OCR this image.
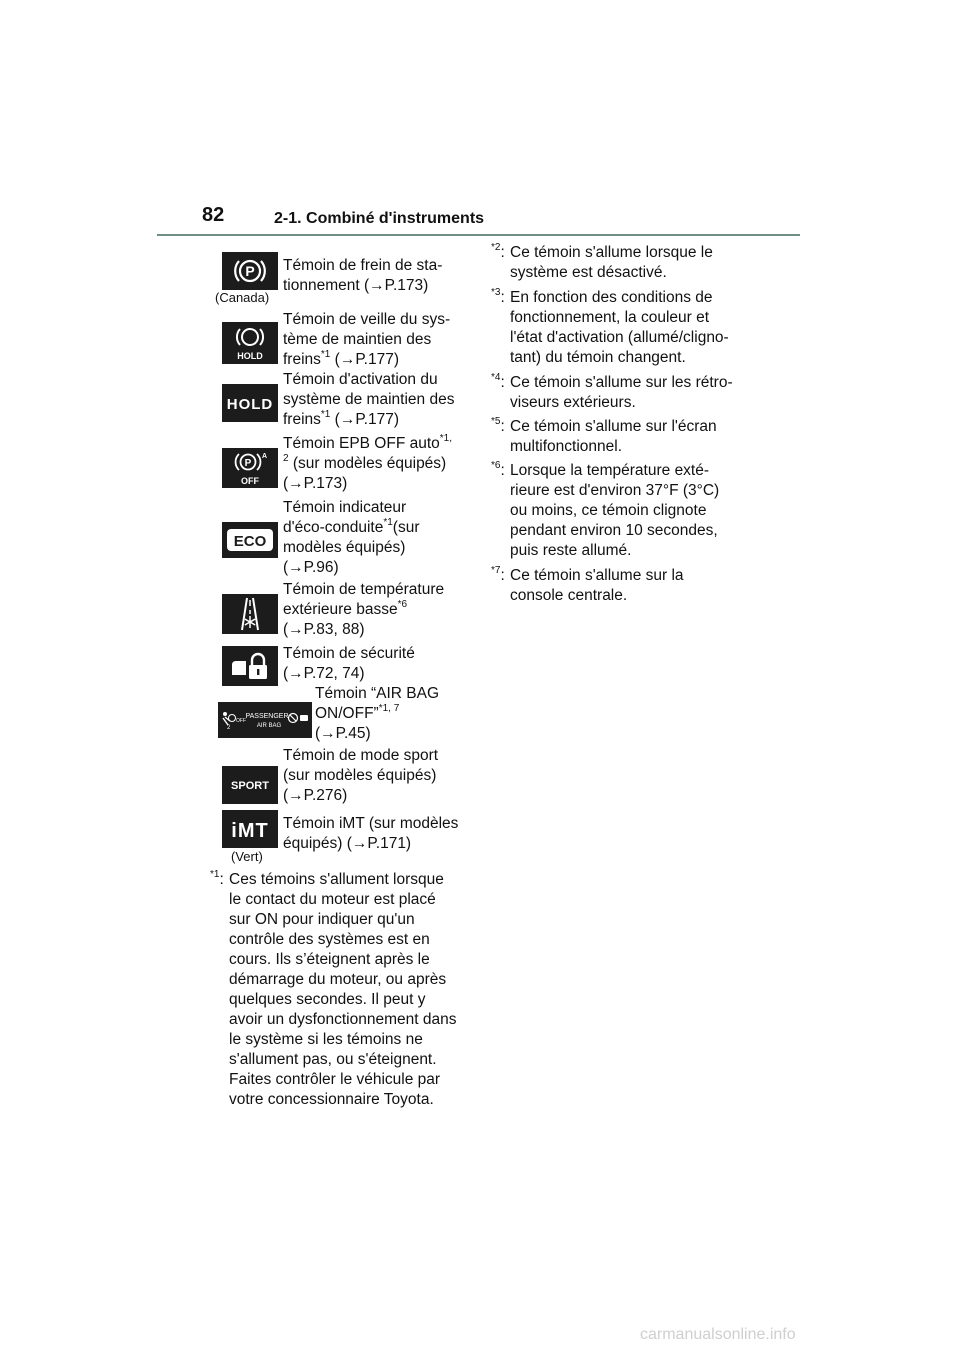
82	2-1. Combiné d'instruments
P
(Canada)
Témoin de frein de sta-
tionnement (→P.173)
HOLD
Témoin de veille du sys-
tème de maintien des
freins$^{*1}$ (→P.177)
HOLD
Témoin d'activation du
système de maintien des
freins$^{*1}$ (→P.177)
P
A
OFF
Témoin EPB OFF auto$^{*1,}$
$^2$ (sur modèles équipés)
(→P.173)
ECO
Témoin indicateur
d'éco-conduite$^{*1}$(sur
modèles équipés)
(→P.96)
Témoin de température
extérieure basse$^{*6}$
(→P.83, 88)
Témoin de sécurité
(→P.72, 74)
2
OFF
PASSENGER
AIR BAG
Témoin “AIR BAG
ON/OFF”$^{*1, 7}$
(→P.45)
SPORT
Témoin de mode sport
(sur modèles équipés)
(→P.276)
iMT
(Vert)
Témoin iMT (sur modèles
équipés) (→P.171)
$^{*1}$: Ces témoins s'allument lorsque
le contact du moteur est placé
sur ON pour indiquer qu'un
contrôle des systèmes est en
cours. Ils s’éteignent après le
démarrage du moteur, ou après
quelques secondes. Il peut y
avoir un dysfonctionnement dans
le système si les témoins ne
s'allument pas, ou s'éteignent.
Faites contrôler le véhicule par
votre concessionnaire Toyota.
$^{*2}$: Ce témoin s'allume lorsque le
système est désactivé.
$^{*3}$: En fonction des conditions de
fonctionnement, la couleur et
l'état d'activation (allumé/cligno-
tant) du témoin changent.
$^{*4}$: Ce témoin s'allume sur les rétro-
viseurs extérieurs.
$^{*5}$: Ce témoin s'allume sur l'écran
multifonctionnel.
$^{*6}$: Lorsque la température exté-
rieure est d'environ 37°F (3°C)
ou moins, ce témoin clignote
pendant environ 10 secondes,
puis reste allumé.
$^{*7}$: Ce témoin s'allume sur la
console centrale.
carmanualsonline.info
